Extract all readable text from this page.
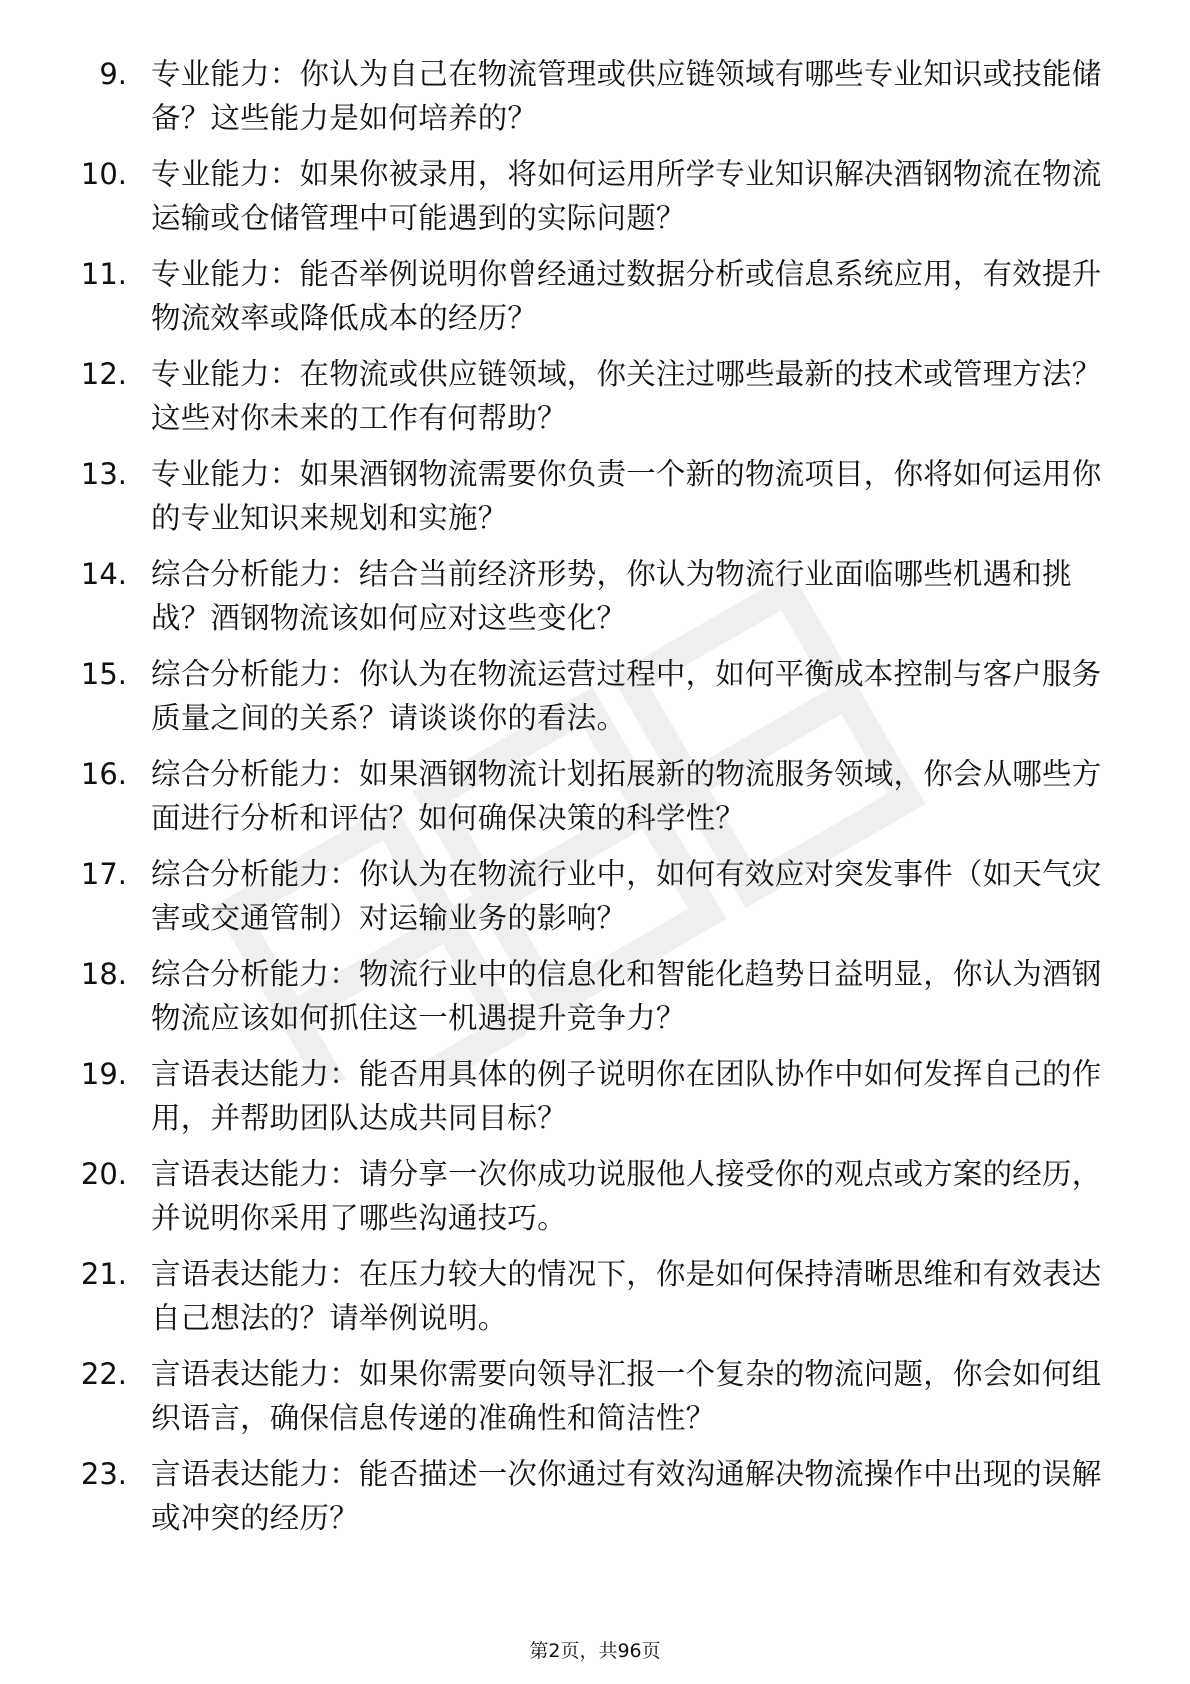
9. 专业能力：你认为自己在物流管理或供应链领域有哪些专业知识或技能储备？这些能力是如何培养的？
10. 专业能力：如果你被录用，将如何运用所学专业知识解决酒钢物流在物流运输或仓储管理中可能遇到的实际问题？
11. 专业能力：能否举例说明你曾经通过数据分析或信息系统应用，有效提升物流效率或降低成本的经历？
12. 专业能力：在物流或供应链领域，你关注过哪些最新的技术或管理方法？这些对你未来的工作有何帮助？
13. 专业能力：如果酒钢物流需要你负责一个新的物流项目，你将如何运用你的专业知识来规划和实施？
14. 综合分析能力：结合当前经济形势，你认为物流行业面临哪些机遇和挑战？酒钢物流该如何应对这些变化？
15. 综合分析能力：你认为在物流运营过程中，如何平衡成本控制与客户服务质量之间的关系？请谈谈你的看法。
16. 综合分析能力：如果酒钢物流计划拓展新的物流服务领域，你会从哪些方面进行分析和评估？如何确保决策的科学性？
17. 综合分析能力：你认为在物流行业中，如何有效应对突发事件（如天气灾害或交通管制）对运输业务的影响？
18. 综合分析能力：物流行业中的信息化和智能化趋势日益明显，你认为酒钢物流应该如何抓住这一机遇提升竞争力？
19. 言语表达能力：能否用具体的例子说明你在团队协作中如何发挥自己的作用，并帮助团队达成共同目标？
20. 言语表达能力：请分享一次你成功说服他人接受你的观点或方案的经历，并说明你采用了哪些沟通技巧。
21. 言语表达能力：在压力较大的情况下，你是如何保持清晰思维和有效表达自己想法的？请举例说明。
22. 言语表达能力：如果你需要向领导汇报一个复杂的物流问题，你会如何组织语言，确保信息传递的准确性和简洁性？
23. 言语表达能力：能否描述一次你通过有效沟通解决物流操作中出现的误解或冲突的经历？
第2页，共96页
